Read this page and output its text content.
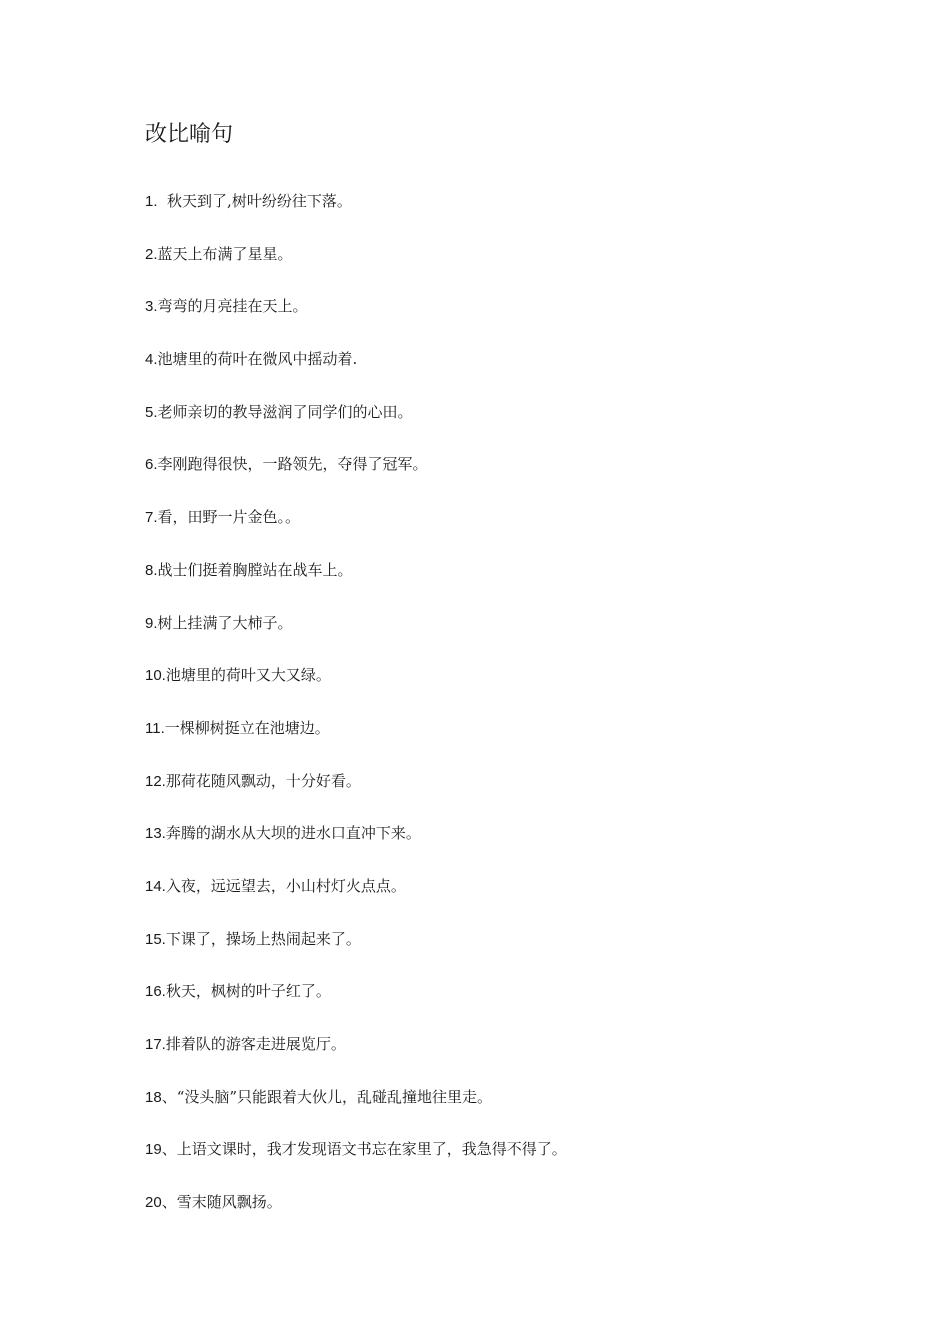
改比喻句
1.  秋天到了,树叶纷纷往下落。
2.蓝天上布满了星星。
3.弯弯的月亮挂在天上。
4.池塘里的荷叶在微风中摇动着.
5.老师亲切的教导滋润了同学们的心田。
6.李刚跑得很快，一路领先，夺得了冠军。
7.看，田野一片金色。。
8.战士们挺着胸膛站在战车上。
9.树上挂满了大柿子。
10.池塘里的荷叶又大又绿。
11.一棵柳树挺立在池塘边。
12.那荷花随风飘动，十分好看。
13.奔腾的湖水从大坝的进水口直冲下来。
14.入夜，远远望去，小山村灯火点点。
15.下课了，操场上热闹起来了。
16.秋天，枫树的叶子红了。
17.排着队的游客走进展览厅。
18、“没头脑”只能跟着大伙儿，乱碰乱撞地往里走。
19、上语文课时，我才发现语文书忘在家里了，我急得不得了。
20、雪末随风飘扬。
